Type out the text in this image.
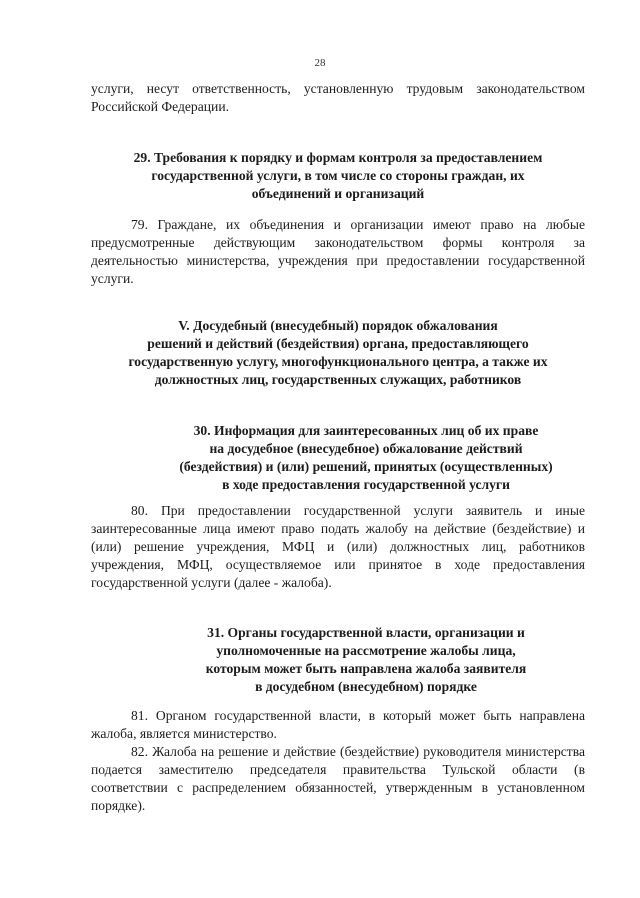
28

услуги, несут ответственность, установленную трудовым законодательством Российской Федерации.

29. Требования к порядку и формам контроля за предоставлением
государственной услуги, в том числе со стороны граждан, их
объединений и организаций

79. Граждане, их объединения и организации имеют право на любые предусмотренные действующим законодательством формы контроля за деятельностью министерства, учреждения при предоставлении государственной услуги.

V. Досудебный (внесудебный) порядок обжалования
решений и действий (бездействия) органа, предоставляющего
государственную услугу, многофункционального центра, а также их
должностных лиц, государственных служащих, работников
30. Информация для заинтересованных лиц об их праве
на досудебное (внесудебное) обжалование действий
(бездействия) и (или) решений, принятых (осуществленных)
в ходе предоставления государственной услуги

80. При предоставлении государственной услуги заявитель и иные заинтересованные лица имеют право подать жалобу на действие (бездействие) и (или) решение учреждения, МФЦ и (или) должностных лиц, работников учреждения, МФЦ, осуществляемое или принятое в ходе предоставления государственной услуги (далее - жалоба).

31. Органы государственной власти, организации и
уполномоченные на рассмотрение жалобы лица,
которым может быть направлена жалоба заявителя
в досудебном (внесудебном) порядке

81. Органом государственной власти, в который может быть направлена жалоба, является министерство.

82. Жалоба на решение и действие (бездействие) руководителя министерства подается заместителю председателя правительства Тульской области (в соответствии с распределением обязанностей, утвержденным в установленном порядке).
